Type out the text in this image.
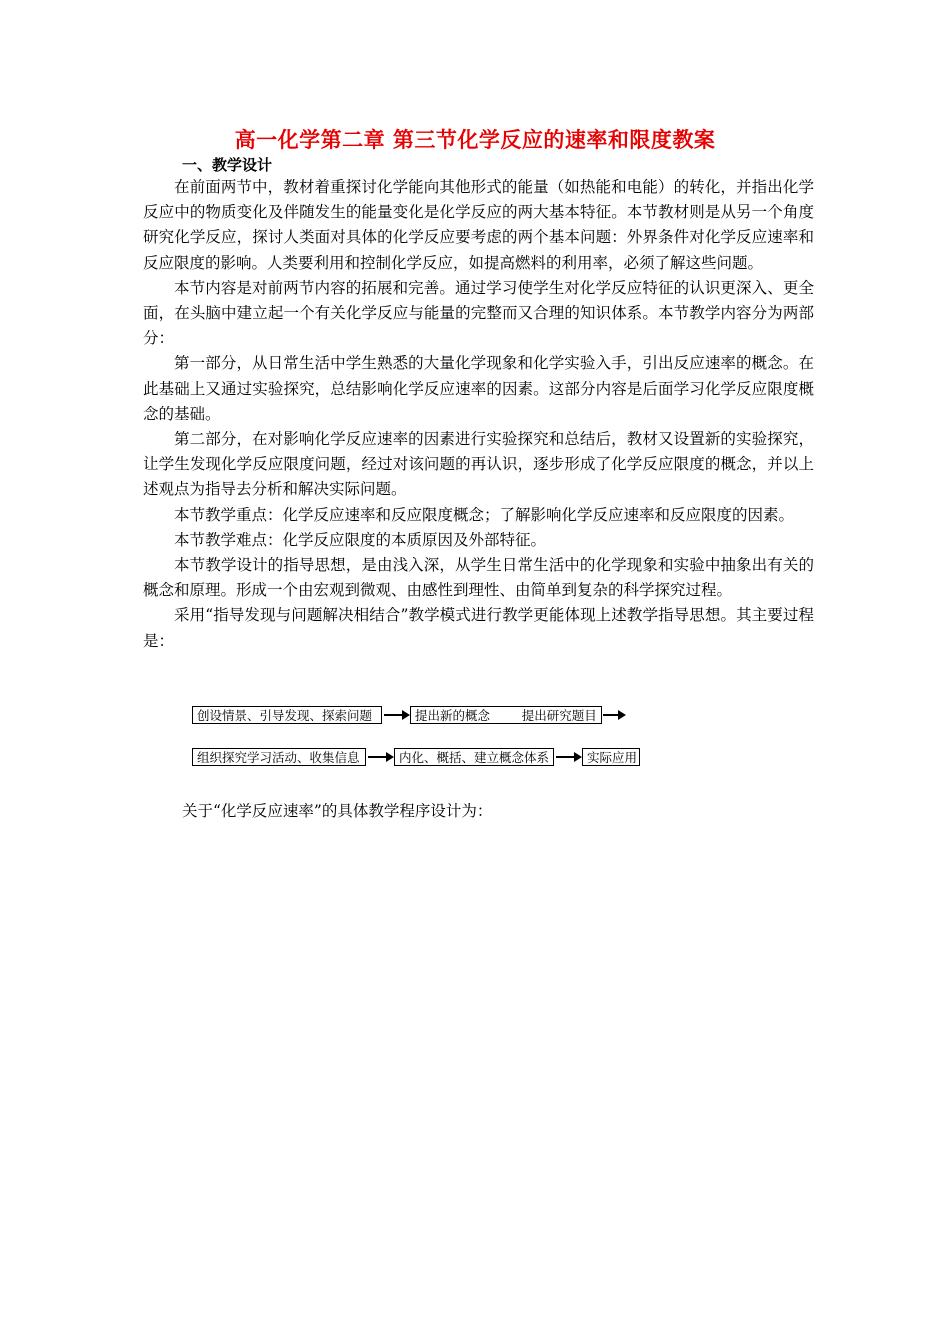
高一化学第二章 第三节化学反应的速率和限度教案
一、教学设计

在前面两节中，教材着重探讨化学能向其他形式的能量（如热能和电能）的转化，并指出化学反应中的物质变化及伴随发生的能量变化是化学反应的两大基本特征。本节教材则是从另一个角度研究化学反应，探讨人类面对具体的化学反应要考虑的两个基本问题：外界条件对化学反应速率和反应限度的影响。人类要利用和控制化学反应，如提高燃料的利用率，必须了解这些问题。

本节内容是对前两节内容的拓展和完善。通过学习使学生对化学反应特征的认识更深入、更全面，在头脑中建立起一个有关化学反应与能量的完整而又合理的知识体系。本节教学内容分为两部分：

第一部分，从日常生活中学生熟悉的大量化学现象和化学实验入手，引出反应速率的概念。在此基础上又通过实验探究，总结影响化学反应速率的因素。这部分内容是后面学习化学反应限度概念的基础。

第二部分，在对影响化学反应速率的因素进行实验探究和总结后，教材又设置新的实验探究，让学生发现化学反应限度问题，经过对该问题的再认识，逐步形成了化学反应限度的概念，并以上述观点为指导去分析和解决实际问题。

本节教学重点：化学反应速率和反应限度概念；了解影响化学反应速率和反应限度的因素。

本节教学难点：化学反应限度的本质原因及外部特征。

本节教学设计的指导思想，是由浅入深，从学生日常生活中的化学现象和实验中抽象出有关的概念和原理。形成一个由宏观到微观、由感性到理性、由简单到复杂的科学探究过程。

采用“指导发现与问题解决相结合”教学模式进行教学更能体现上述教学指导思想。其主要过程是：

创设情景、引导发现、探索问题	提出新的概念        提出研究题目
组织探究学习活动、收集信息	内化、概括、建立概念体系	实际应用
关于“化学反应速率”的具体教学程序设计为：
